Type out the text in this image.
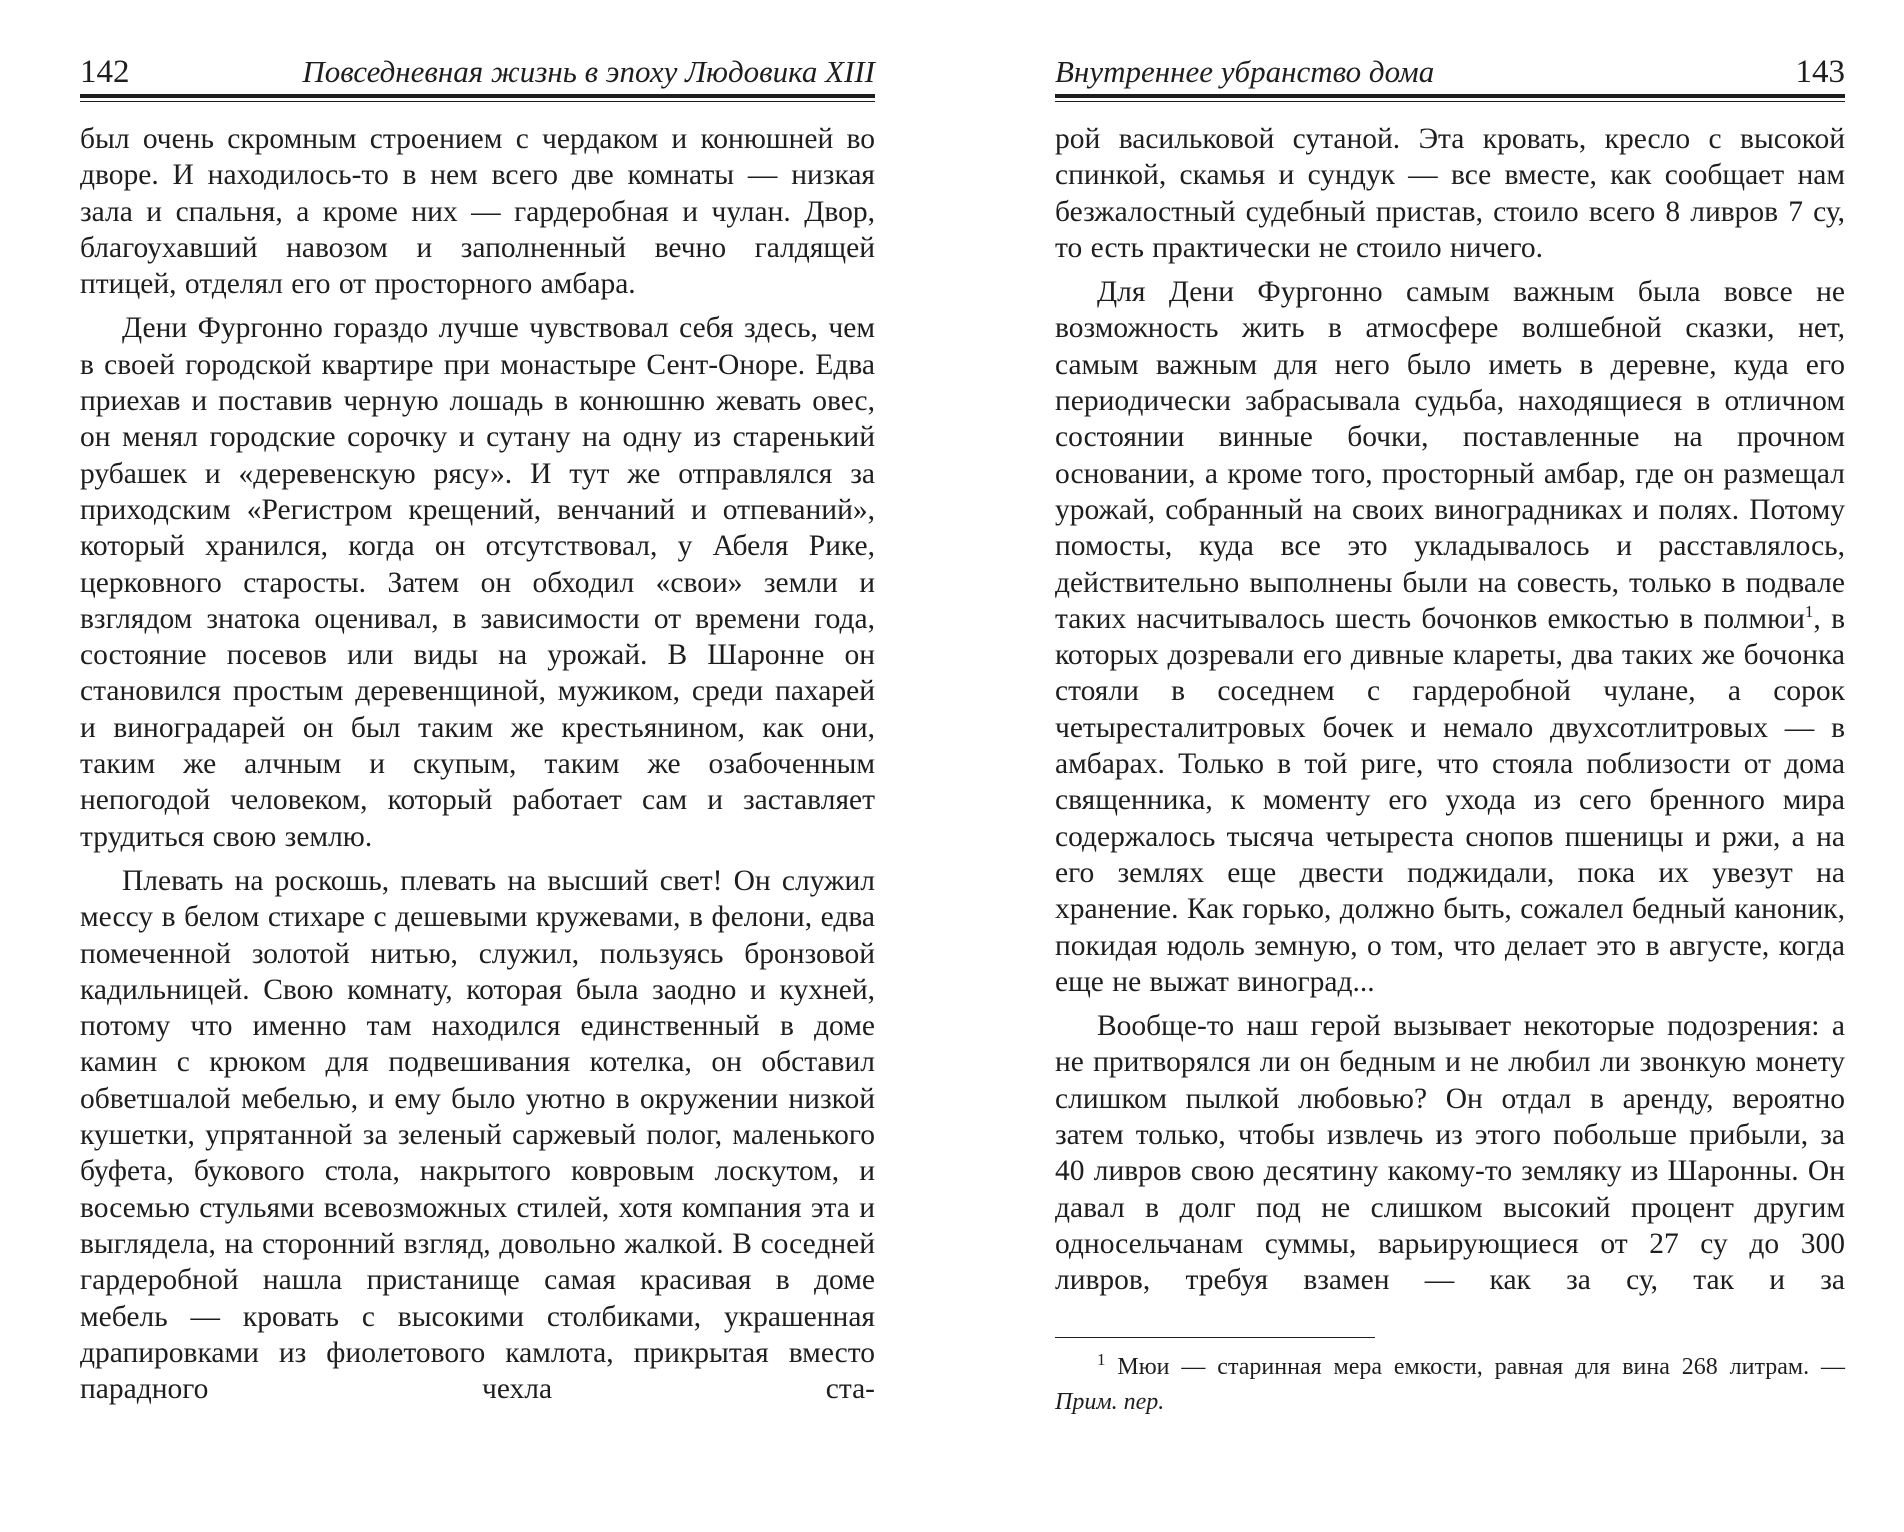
142	Повседневная жизнь в эпоху Людовика XIII

был очень скромным строением с чердаком и конюшней во дворе. И находилось-то в нем всего две комнаты — низкая зала и спальня, а кроме них — гардеробная и чулан. Двор, благоухавший навозом и заполненный вечно галдящей птицей, отделял его от просторного амбара.

Дени Фургонно гораздо лучше чувствовал себя здесь, чем в своей городской квартире при монастыре Сент-Оноре. Едва приехав и поставив черную лошадь в конюшню жевать овес, он менял городские сорочку и сутану на одну из старенький рубашек и «деревенскую рясу». И тут же отправлялся за приходским «Регистром крещений, венчаний и отпеваний», который хранился, когда он отсутствовал, у Абеля Рике, церковного старосты. Затем он обходил «свои» земли и взглядом знатока оценивал, в зависимости от времени года, состояние посевов или виды на урожай. В Шаронне он становился простым деревенщиной, мужиком, среди пахарей и виноградарей он был таким же крестьянином, как они, таким же алчным и скупым, таким же озабоченным непогодой человеком, который работает сам и заставляет трудиться свою землю.

Плевать на роскошь, плевать на высший свет! Он служил мессу в белом стихаре с дешевыми кружевами, в фелони, едва помеченной золотой нитью, служил, пользуясь бронзовой кадильницей. Свою комнату, которая была заодно и кухней, потому что именно там находился единственный в доме камин с крюком для подвешивания котелка, он обставил обветшалой мебелью, и ему было уютно в окружении низкой кушетки, упрятанной за зеленый саржевый полог, маленького буфета, букового стола, накрытого ковровым лоскутом, и восемью стульями всевозможных стилей, хотя компания эта и выглядела, на сторонний взгляд, довольно жалкой. В соседней гардеробной нашла пристанище самая красивая в доме мебель — кровать с высокими столбиками, украшенная драпировками из фиолетового камлота, прикрытая вместо парадного чехла ста-

Внутреннее убранство дома	143

рой васильковой сутаной. Эта кровать, кресло с высокой спинкой, скамья и сундук — все вместе, как сообщает нам безжалостный судебный пристав, стоило всего 8 ливров 7 су, то есть практически не стоило ничего.

Для Дени Фургонно самым важным была вовсе не возможность жить в атмосфере волшебной сказки, нет, самым важным для него было иметь в деревне, куда его периодически забрасывала судьба, находящиеся в отличном состоянии винные бочки, поставленные на прочном основании, а кроме того, просторный амбар, где он размещал урожай, собранный на своих виноградниках и полях. Потому помосты, куда все это укладывалось и расставлялось, действительно выполнены были на совесть, только в подвале таких насчитывалось шесть бочонков емкостью в полмюи$^1$, в которых дозревали его дивные клареты, два таких же бочонка стояли в соседнем с гардеробной чулане, а сорок четыресталитровых бочек и немало двухсотлитровых — в амбарах. Только в той риге, что стояла поблизости от дома священника, к моменту его ухода из сего бренного мира содержалось тысяча четыреста снопов пшеницы и ржи, а на его землях еще двести поджидали, пока их увезут на хранение. Как горько, должно быть, сожалел бедный каноник, покидая юдоль земную, о том, что делает это в августе, когда еще не выжат виноград...

Вообще-то наш герой вызывает некоторые подозрения: а не притворялся ли он бедным и не любил ли звонкую монету слишком пылкой любовью? Он отдал в аренду, вероятно затем только, чтобы извлечь из этого побольше прибыли, за 40 ливров свою десятину какому-то земляку из Шаронны. Он давал в долг под не слишком высокий процент другим односельчанам суммы, варьирующиеся от 27 су до 300 ливров, требуя взамен — как за су, так и за

$^1$ Мюи — старинная мера емкости, равная для вина 268 литрам. — Прим. пер.
